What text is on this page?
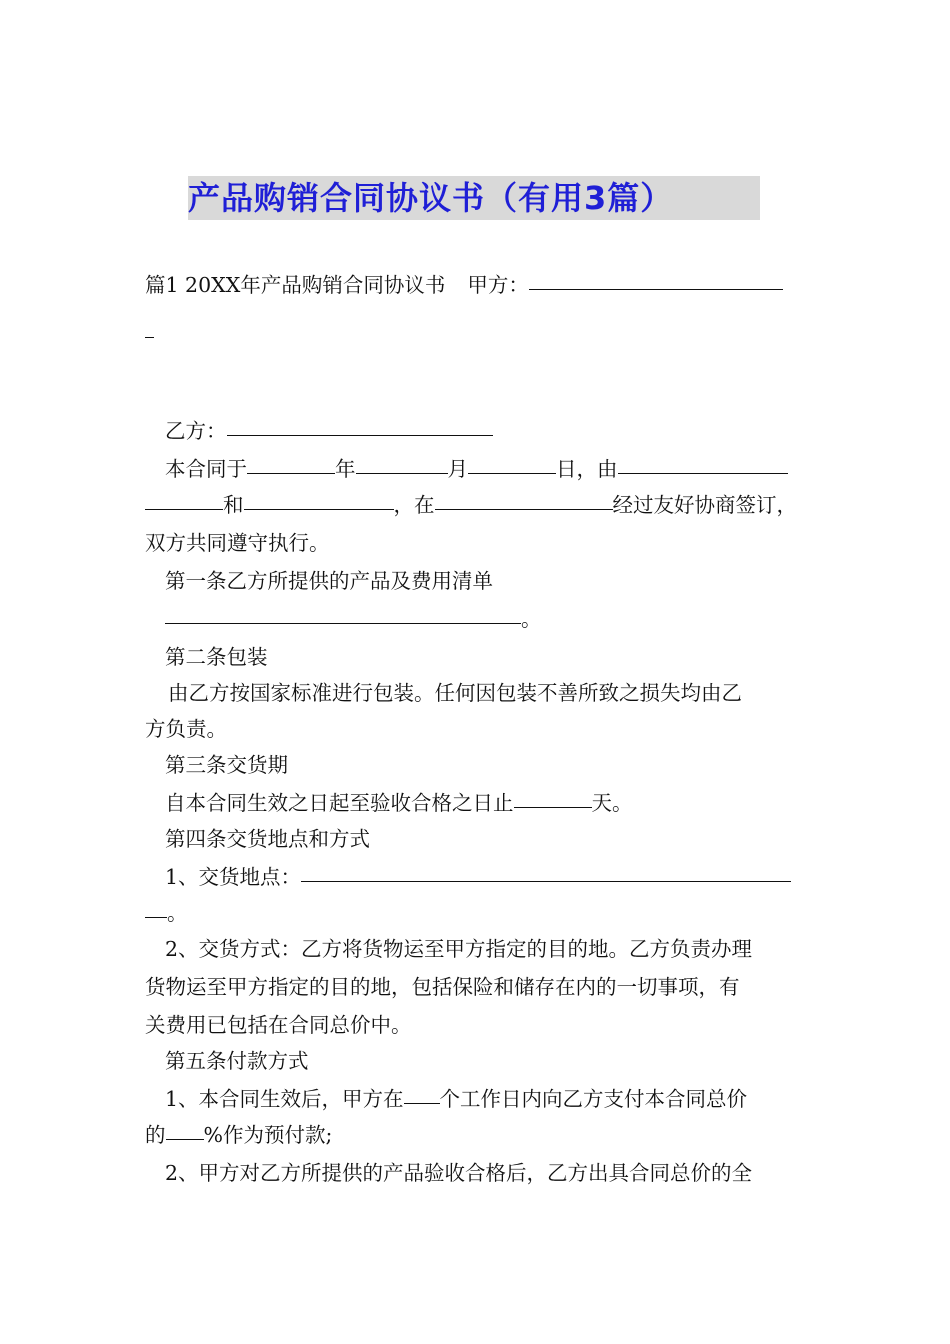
产品购销合同协议书（有用3篇）
篇1 20XX年产品购销合同协议书 甲方：
乙方：
本合同于	年	月	日，由
和	，在	经过友好协商签订，
双方共同遵守执行。
第一条乙方所提供的产品及费用清单
。
第二条包装
由乙方按国家标准进行包装。任何因包装不善所致之损失均由乙
方负责。
第三条交货期
自本合同生效之日起至验收合格之日止	天。
第四条交货地点和方式
1、交货地点：
。
2、交货方式：乙方将货物运至甲方指定的目的地。乙方负责办理
货物运至甲方指定的目的地，包括保险和储存在内的一切事项，有
关费用已包括在合同总价中。
第五条付款方式
1、本合同生效后，甲方在 个工作日内向乙方支付本合同总价
的 %作为预付款;
2、甲方对乙方所提供的产品验收合格后，乙方出具合同总价的全
